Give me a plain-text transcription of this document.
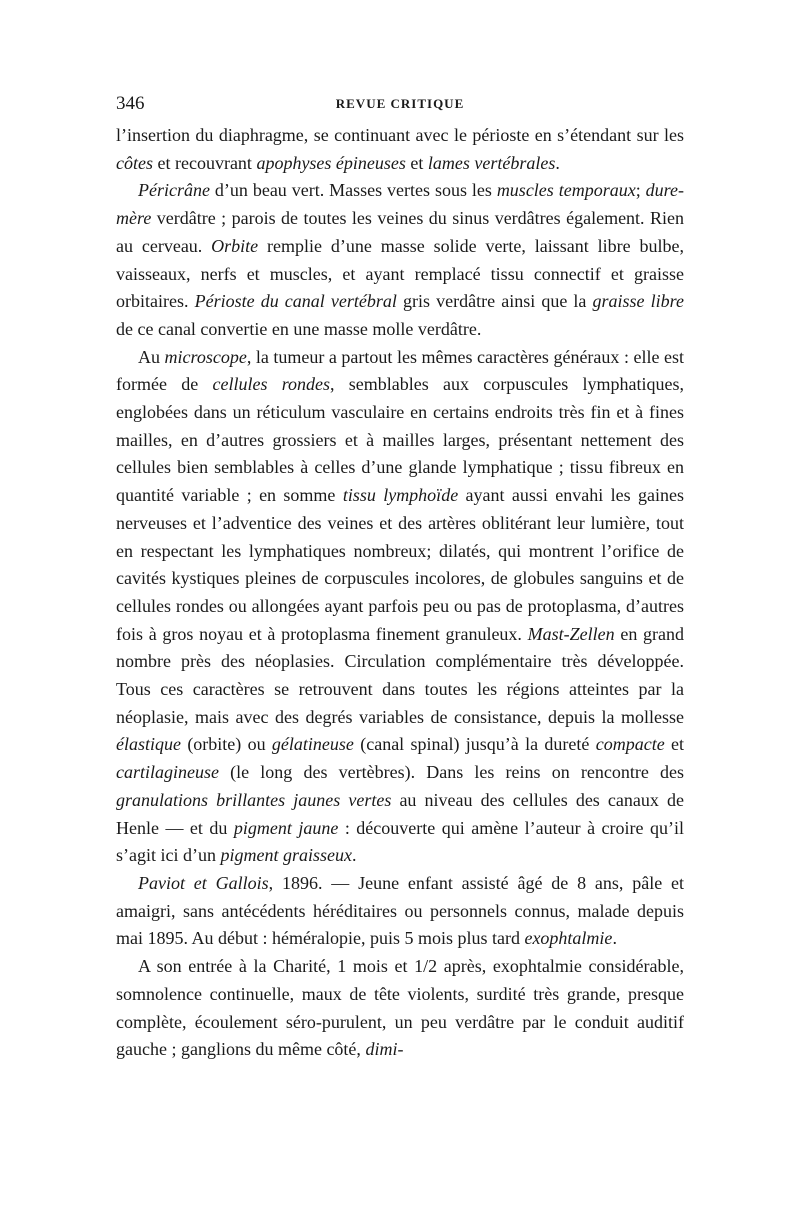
346	REVUE CRITIQUE

l’insertion du diaphragme, se continuant avec le périoste en s’étendant sur les côtes et recouvrant apophyses épineuses et lames vertébrales.

Péricrâne d’un beau vert. Masses vertes sous les muscles temporaux; dure-mère verdâtre ; parois de toutes les veines du sinus verdâtres également. Rien au cerveau. Orbite remplie d’une masse solide verte, laissant libre bulbe, vaisseaux, nerfs et muscles, et ayant remplacé tissu connectif et graisse orbitaires. Périoste du canal vertébral gris verdâtre ainsi que la graisse libre de ce canal convertie en une masse molle verdâtre.

Au microscope, la tumeur a partout les mêmes caractères généraux : elle est formée de cellules rondes, semblables aux corpuscules lymphatiques, englobées dans un réticulum vasculaire en certains endroits très fin et à fines mailles, en d’autres grossiers et à mailles larges, présentant nettement des cellules bien semblables à celles d’une glande lymphatique ; tissu fibreux en quantité variable ; en somme tissu lymphoïde ayant aussi envahi les gaines nerveuses et l’adventice des veines et des artères oblitérant leur lumière, tout en respectant les lymphatiques nombreux; dilatés, qui montrent l’orifice de cavités kystiques pleines de corpuscules incolores, de globules sanguins et de cellules rondes ou allongées ayant parfois peu ou pas de protoplasma, d’autres fois à gros noyau et à protoplasma finement granuleux. Mast-Zellen en grand nombre près des néoplasies. Circulation complémentaire très développée. Tous ces caractères se retrouvent dans toutes les régions atteintes par la néoplasie, mais avec des degrés variables de consistance, depuis la mollesse élastique (orbite) ou gélatineuse (canal spinal) jusqu’à la dureté compacte et cartilagineuse (le long des vertèbres). Dans les reins on rencontre des granulations brillantes jaunes vertes au niveau des cellules des canaux de Henle — et du pigment jaune : découverte qui amène l’auteur à croire qu’il s’agit ici d’un pigment graisseux.

Paviot et Gallois, 1896. — Jeune enfant assisté âgé de 8 ans, pâle et amaigri, sans antécédents héréditaires ou personnels connus, malade depuis mai 1895. Au début : héméralopie, puis 5 mois plus tard exophtalmie.

A son entrée à la Charité, 1 mois et 1/2 après, exophtalmie considérable, somnolence continuelle, maux de tête violents, surdité très grande, presque complète, écoulement séro-purulent, un peu verdâtre par le conduit auditif gauche ; ganglions du même côté, dimi-
